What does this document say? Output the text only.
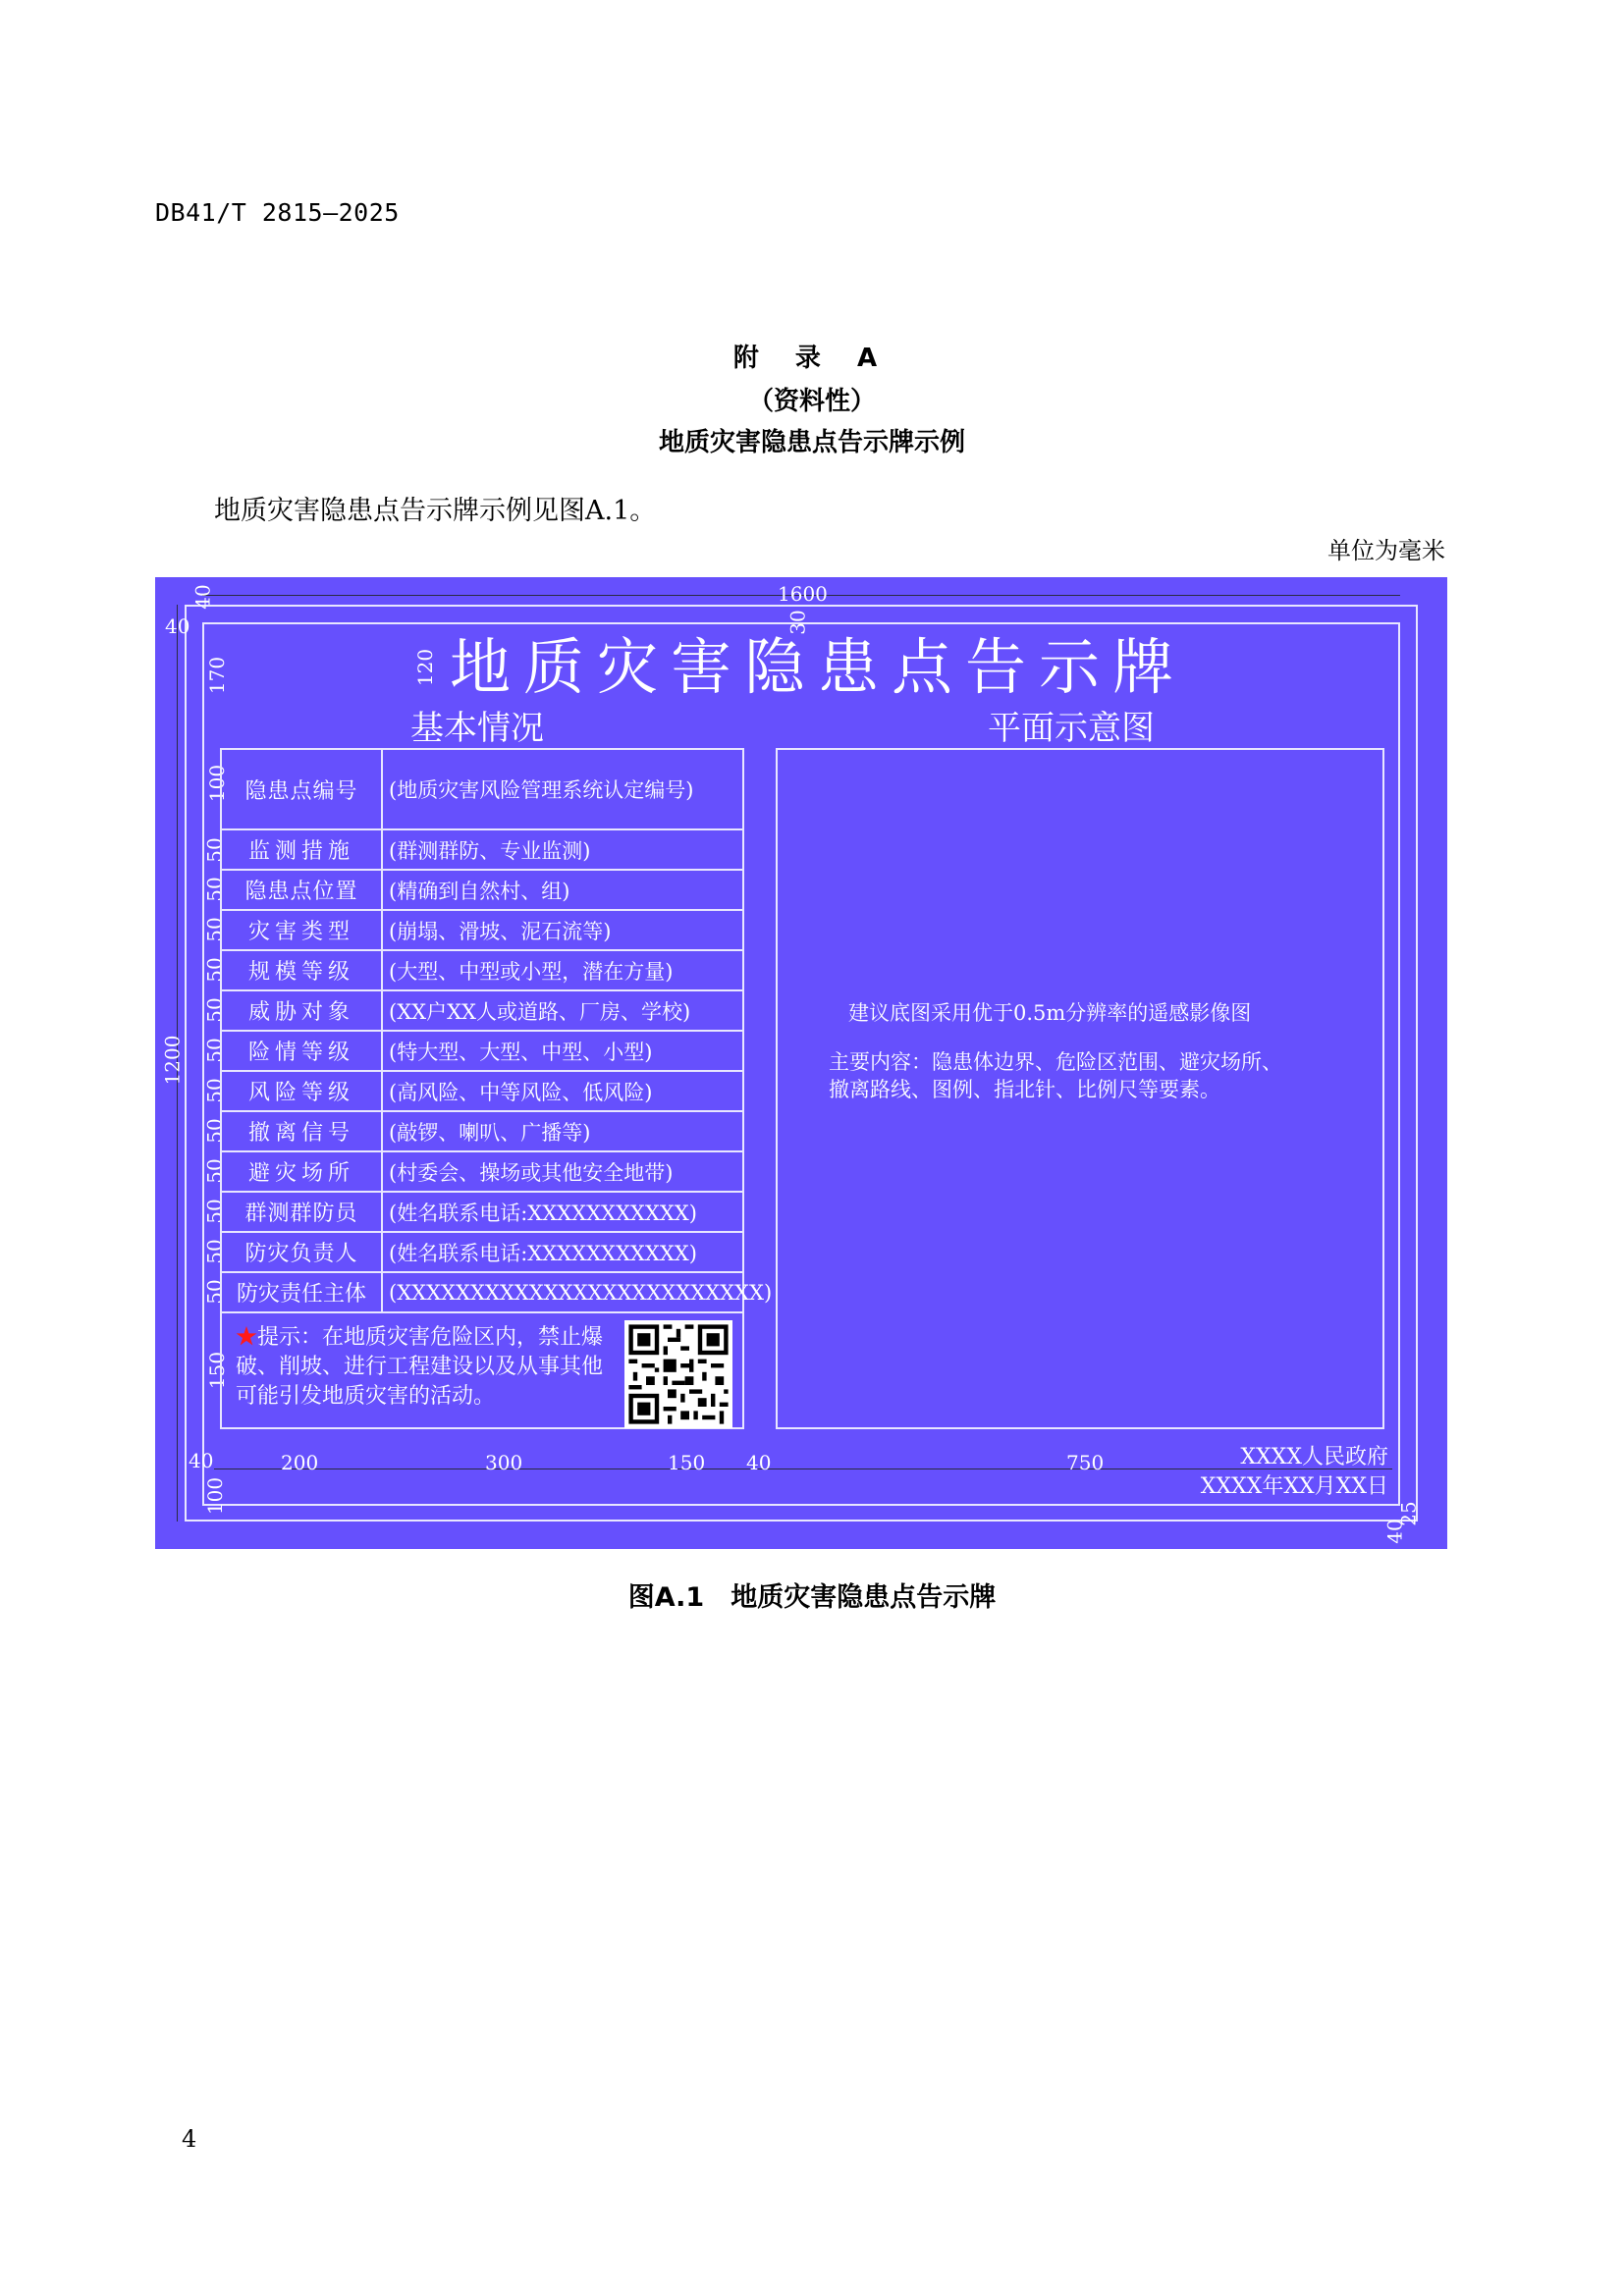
DB41/T 2815—2025
附 录 A
（资料性）
地质灾害隐患点告示牌示例
地质灾害隐患点告示牌示例见图A.1。
单位为毫米
1600
1200
40
40
30
120
170
100
50
50
50
50
50
50
50
50
50
50
50
50
150
40
100
200	300	150 40	750
25
40
地质灾害隐患点告示牌
基本情况	平面示意图
隐患点编号	(地质灾害风险管理系统认定编号)
监测措施	(群测群防、专业监测)
隐患点位置	(精确到自然村、组)
灾害类型	(崩塌、滑坡、泥石流等)
规模等级	(大型、中型或小型，潜在方量)
威胁对象	(XX户XX人或道路、厂房、学校)
险情等级	(特大型、大型、中型、小型)
风险等级	(高风险、中等风险、低风险)
撤离信号	(敲锣、喇叭、广播等)
避灾场所	(村委会、操场或其他安全地带)
群测群防员	(姓名联系电话:XXXXXXXXXXX)
防灾负责人	(姓名联系电话:XXXXXXXXXXX)
防灾责任主体	(XXXXXXXXXXXXXXXXXXXXXXXXX)
★提示：在地质灾害危险区内，禁止爆破、削坡、进行工程建设以及从事其他可能引发地质灾害的活动。
建议底图采用优于0.5m分辨率的遥感影像图
主要内容：隐患体边界、危险区范围、避灾场所、
撤离路线、图例、指北针、比例尺等要素。
XXXX人民政府
XXXX年XX月XX日
图A.1　地质灾害隐患点告示牌
4
